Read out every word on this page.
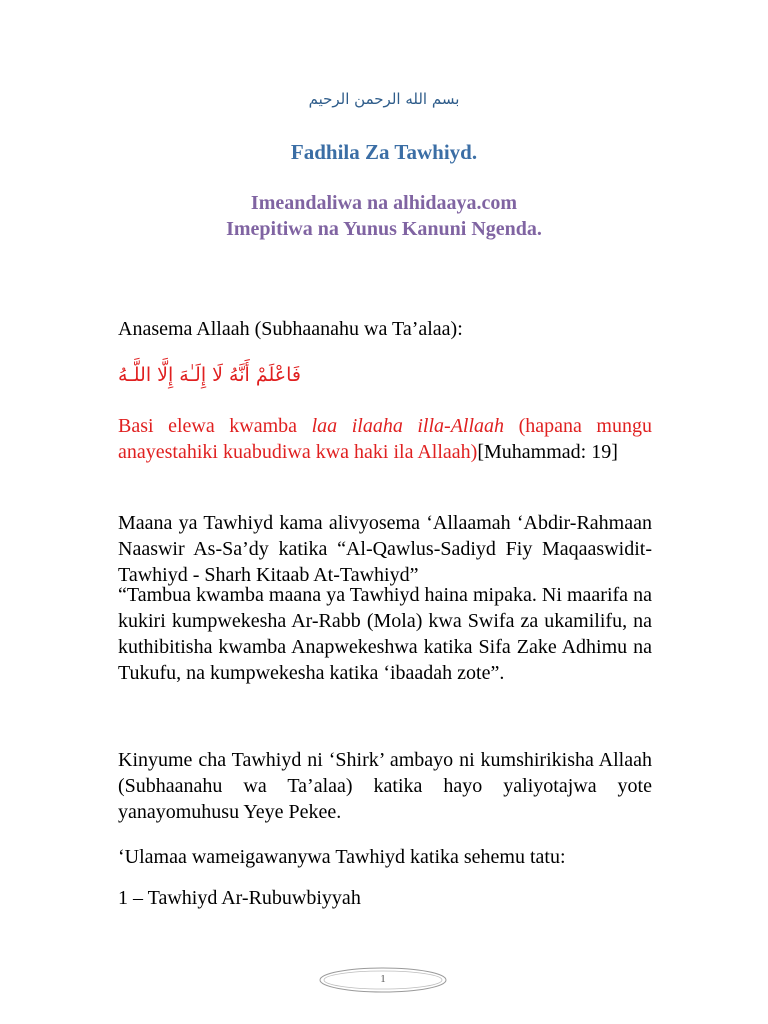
بسم الله الرحمن الرحيم
Fadhila Za Tawhiyd.
Imeandaliwa na alhidaaya.com
Imepitiwa na Yunus Kanuni Ngenda.
Anasema Allaah (Subhaanahu wa Ta’alaa):
فَاعْلَمْ أَنَّهُ لَا إِلَـٰهَ إِلَّا اللَّـهُ
Basi elewa kwamba laa ilaaha illa-Allaah (hapana mungu anayestahiki kuabudiwa kwa haki ila Allaah)[Muhammad: 19]
Maana ya Tawhiyd kama alivyosema ‘Allaamah ‘Abdir-Rahmaan Naaswir As-Sa’dy katika “Al-Qawlus-Sadiyd Fiy Maqaaswidit-Tawhiyd - Sharh Kitaab At-Tawhiyd”
“Tambua kwamba maana ya Tawhiyd haina mipaka. Ni maarifa na kukiri kumpwekesha Ar-Rabb (Mola) kwa Swifa za ukamilifu, na kuthibitisha kwamba Anapwekeshwa katika Sifa Zake Adhimu na Tukufu, na kumpwekesha katika ‘ibaadah zote”.
Kinyume cha Tawhiyd ni ‘Shirk’ ambayo ni kumshirikisha Allaah (Subhaanahu wa Ta’alaa) katika hayo yaliyotajwa yote yanayomuhusu Yeye Pekee.
‘Ulamaa wameigawanywa Tawhiyd katika sehemu tatu:
1 – Tawhiyd Ar-Rubuwbiyyah
1
